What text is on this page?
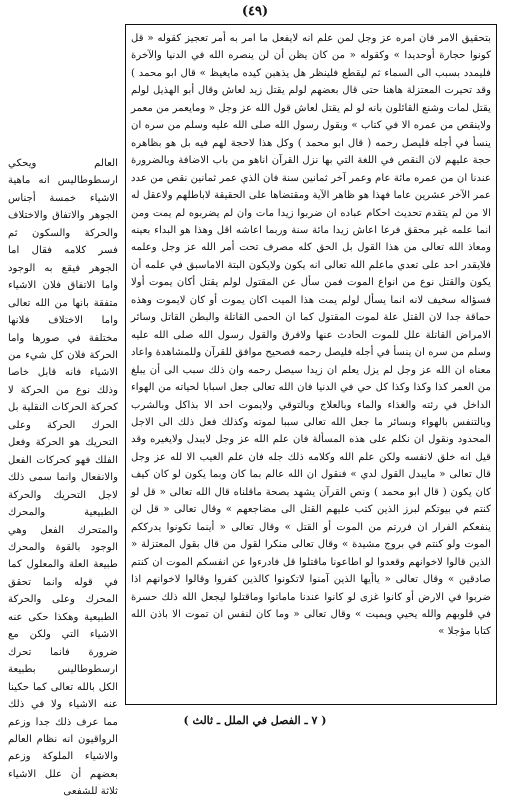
(٤٩)

بتحقيق الامر فان امره عز وجل لمن علم انه لايفعل ما امر به أمر تعجيز كقوله « قل كونوا حجارة أوحديدا » وكقوله « من كان يظن أن لن ينصره الله في الدنيا والآخرة فليمدد بسبب الى السماء ثم ليقطع فلينظر هل يذهبن كيده مايغيظ » قال ابو محمد ) وقد تحيرت المعتزلة هاهنا حتى قال بعضهم لولم يقتل زيد لعاش وقال أبو الهذيل لولم يقتل لمات وشنع القائلون بانه لو لم يقتل لعاش قول الله عز وجل « ومايعمر من معمر ولاينقص من عمره الا في كتاب » وبقول رسول الله صلى الله عليه وسلم من سره ان ينسأ في أجله فليصل رحمه ( قال ابو محمد ) وكل هذا لاحجة لهم فيه بل هو بظاهره حجة عليهم لان النقص في اللغة التي بها نزل القرآن اناهو من باب الاضافة وبالضرورة عندنا ان من عمره مائة عام وعمر آخر ثمانين سنة فان الذي عمر ثمانين نقص من عدد عمر الآخر عشرين عاما فهذا هو ظاهر الآية ومقتضاها على الحقيقة لاباطلهم ولاعقل له الا من لم يتقدم تحديث احكام عباده ان ضربوا زيدا مات وان لم يضربوه لم يمت ومن انما علمه غير محقق فرعا اعاش زيدا مائة سنة وربما اعاشه اقل وهذا هو البداء بعينه ومعاذ الله تعالى من هذا القول بل الحق كله مصرف تحت أمر الله عز وجل وعلمه فلايقدر احد على تعدي ماعلم الله تعالى انه يكون ولايكون البتة الاماسبق في علمه أن يكون والقتل نوع من انواع الموت فمن سأل عن المقتول لولم يقتل أكان يموت أولا فسؤاله سخيف لانه انما يسأل لولم يمت هذا الميت اكان يموت أو كان لايموت وهذه حماقة جدا لان القتل علة لموت المقتول كما ان الحمى القاتلة والبطن القاتل وسائر الامراض القاتلة علل للموت الحادث عنها ولافرق والقول رسول الله صلى الله عليه وسلم من سره ان ينسأ في أجله فليصل رحمه فصحيح موافق للقرآن وللمشاهدة واعاد معناه ان الله عز وجل لم يزل يعلم ان زيدا سيصل رحمه وان ذلك سبب الى أن يبلغ من العمر كذا وكذا وكذا كل حي في الدنيا فان الله تعالى جعل اسبابا لحياته من الهواء الداخل في رئته والغذاء والماء وبالعلاج وبالتوقي ولايموت احد الا بذاكل وبالشرب وبالتنفس بالهواء وبسائر ما جعل الله تعالى سببا لموته وكذلك فعل ذلك الى الاجل المحدود ونقول ان نكلم على هذه المسألة فان علم الله عز وجل لايبدل ولايغيره وقد قيل انه خلق لانفسه ولكن علم الله وكلامه ذلك جله فان علم الغيب الا لله عز وجل قال تعالى « مايبدل القول لدي » فنقول ان الله عالم بما كان وبما يكون لو كان كيف كان يكون ( قال ابو محمد ) ونص القرآن يشهد بصحة ماقلناه قال الله تعالى « قل لو كنتم في بيوتكم لبرز الذين كتب عليهم القتل الى مضاجعهم » وقال تعالى « قل لن ينفعكم الفرار ان فررتم من الموت أو القتل » وقال تعالى « أينما تكونوا يدرككم الموت ولو كنتم في بروج مشيدة » وقال تعالى منكرا لقول من قال بقول المعتزلة « الذين قالوا لاخوانهم وقعدوا لو اطاعونا ماقتلوا قل فادرءوا عن انفسكم الموت ان كنتم صادقين » وقال تعالى « ياأيها الذين آمنوا لاتكونوا كالذين كفروا وقالوا لاخوانهم اذا ضربوا في الارض أو كانوا غزى لو كانوا عندنا ماماتوا وماقتلوا ليجعل الله ذلك حسرة في قلوبهم والله يحيي ويميت » وقال تعالى « وما كان لنفس ان تموت الا باذن الله كتابا مؤجلا »

العالم ويحكي ارسطوطاليس انه ماهية الاشياء خمسة أجناس الجوهر والاتفاق والاختلاف والحركة والسكون ثم فسر كلامه فقال اما الجوهر فيقع به الوجود واما الاتفاق فلان الاشياء متفقة بانها من الله تعالى واما الاختلاف فلانها مختلفة في صورها واما الحركة فلان كل شيء من الاشياء فانه قابل خاصا وذلك نوع من الحركة لا كحركة الحركات النقلية بل الحرك الحركة وعلى التحريك هو الحركة وفعل الفلك فهو كحركات الفعل والانفعال وانما سمى ذلك لاجل التحريك والحركة الطبيعية والمحرك والمتحرك الفعل وهي الوجود بالقوة والمحرك طبيعة العلة والمعلول كما في قوله وانما تحقق المحرك وعلى والحركة الطبيعية وهكذا حكى عنه الاشياء التي ولكن مع ضرورة فانما تحرك ارسطوطاليس بطبيعة الكل بالله تعالى كما حكينا عنه الاشياء ولا في ذلك مما عرف ذلك جدا وزعم الرواقيون انه نظام العالم والاشياء الملوكة وزعم بعضهم أن علل الاشياء ثلاثة للشفعى

( ٧ ـ الفصل في الملل ـ ثالث )
